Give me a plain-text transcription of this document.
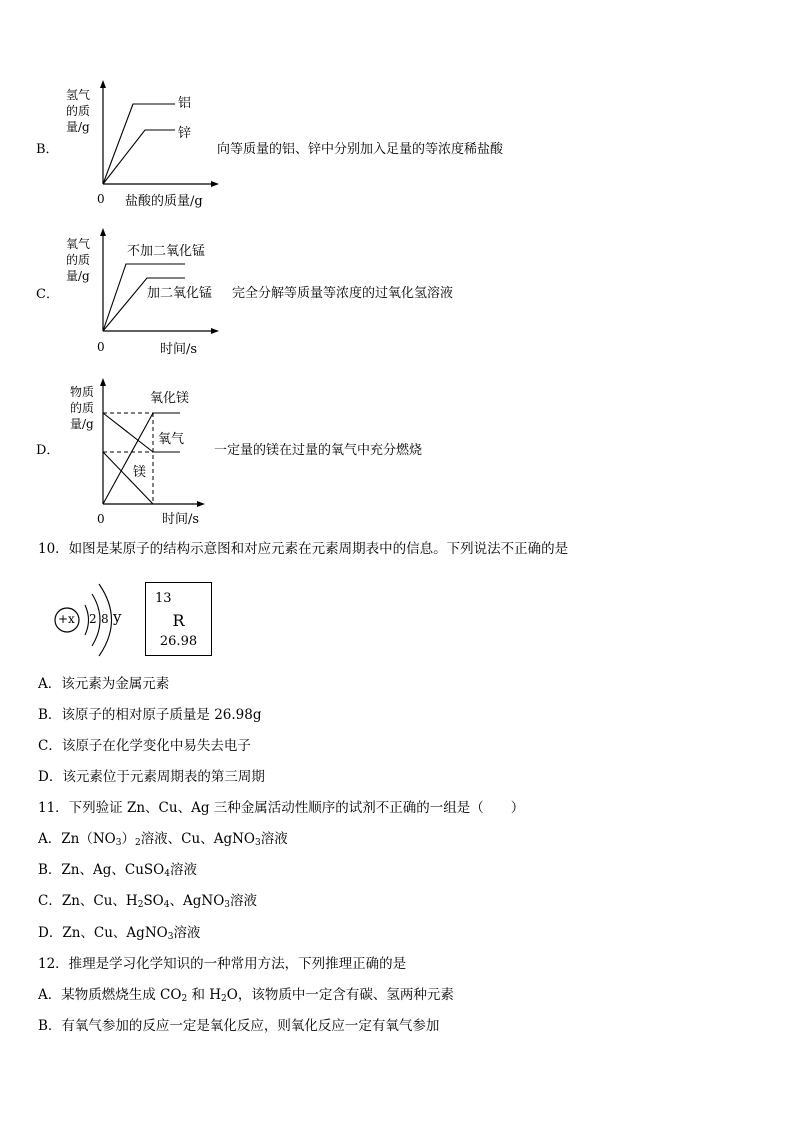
B．
氢气
的质
量/g
铝
锌
0 盐酸的质量/g
向等质量的铝、锌中分别加入足量的等浓度稀盐酸
C．
氧气
的质
量/g
不加二氧化锰
加二氧化锰 完全分解等质量等浓度的过氧化氢溶液
0	时间/s
D．
物质
的质
量/g
氧化镁
氧气
镁
一定量的镁在过量的氧气中充分燃烧
0	时间/s
10．如图是某原子的结构示意图和对应元素在元素周期表中的信息。下列说法不正确的是
+x 2 8 y
13
R
26.98
A．该元素为金属元素
B．该原子的相对原子质量是 26.98g
C．该原子在化学变化中易失去电子
D．该元素位于元素周期表的第三周期
11．下列验证 Zn、Cu、Ag 三种金属活动性顺序的试剂不正确的一组是（　　）
A．$Zn(NO_3)_2$溶液、Cu、AgNO$_3$溶液
B．Zn、Ag、CuSO$_4$溶液
C．Zn、Cu、$H_2SO_4$、AgNO$_3$溶液
D．Zn、Cu、AgNO$_3$溶液
12．推理是学习化学知识的一种常用方法，下列推理正确的是
A．某物质燃烧生成 $CO_2$ 和 $H_2O$，该物质中一定含有碳、氢两种元素
B．有氧气参加的反应一定是氧化反应，则氧化反应一定有氧气参加
